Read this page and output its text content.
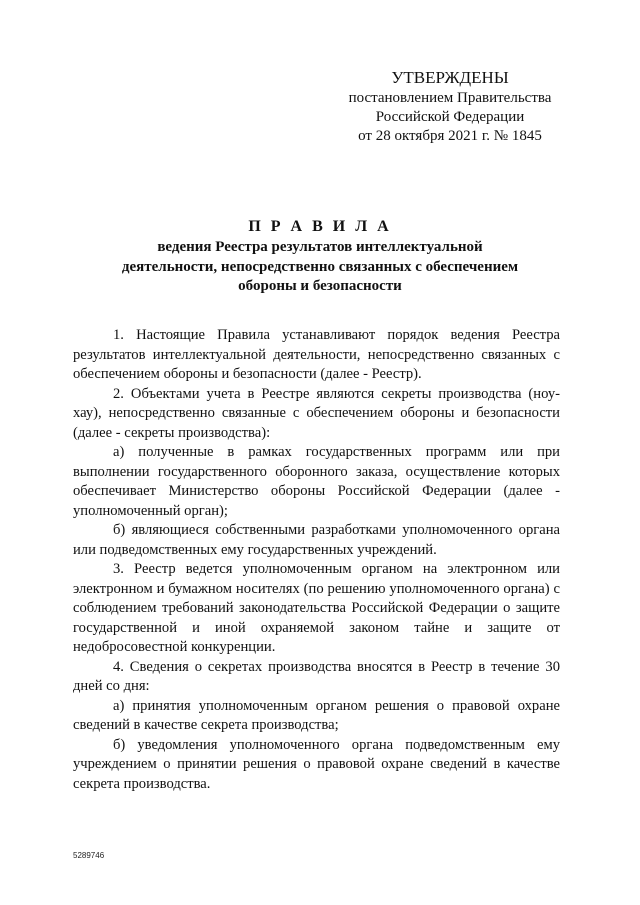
УТВЕРЖДЕНЫ
постановлением Правительства
Российской Федерации
от 28 октября 2021 г. № 1845
П Р А В И Л А
ведения Реестра результатов интеллектуальной
деятельности, непосредственно связанных с обеспечением
обороны и безопасности

1. Настоящие Правила устанавливают порядок ведения Реестра результатов интеллектуальной деятельности, непосредственно связанных с обеспечением обороны и безопасности (далее - Реестр).

2. Объектами учета в Реестре являются секреты производства (ноу-хау), непосредственно связанные с обеспечением обороны и безопасности (далее - секреты производства):

а) полученные в рамках государственных программ или при выполнении государственного оборонного заказа, осуществление которых обеспечивает Министерство обороны Российской Федерации (далее - уполномоченный орган);

б) являющиеся собственными разработками уполномоченного органа или подведомственных ему государственных учреждений.

3. Реестр ведется уполномоченным органом на электронном или электронном и бумажном носителях (по решению уполномоченного органа) с соблюдением требований законодательства Российской Федерации о защите государственной и иной охраняемой законом тайне и защите от недобросовестной конкуренции.

4. Сведения о секретах производства вносятся в Реестр в течение 30 дней со дня:

а) принятия уполномоченным органом решения о правовой охране сведений в качестве секрета производства;

б) уведомления уполномоченного органа подведомственным ему учреждением о принятии решения о правовой охране сведений в качестве секрета производства.

5289746
